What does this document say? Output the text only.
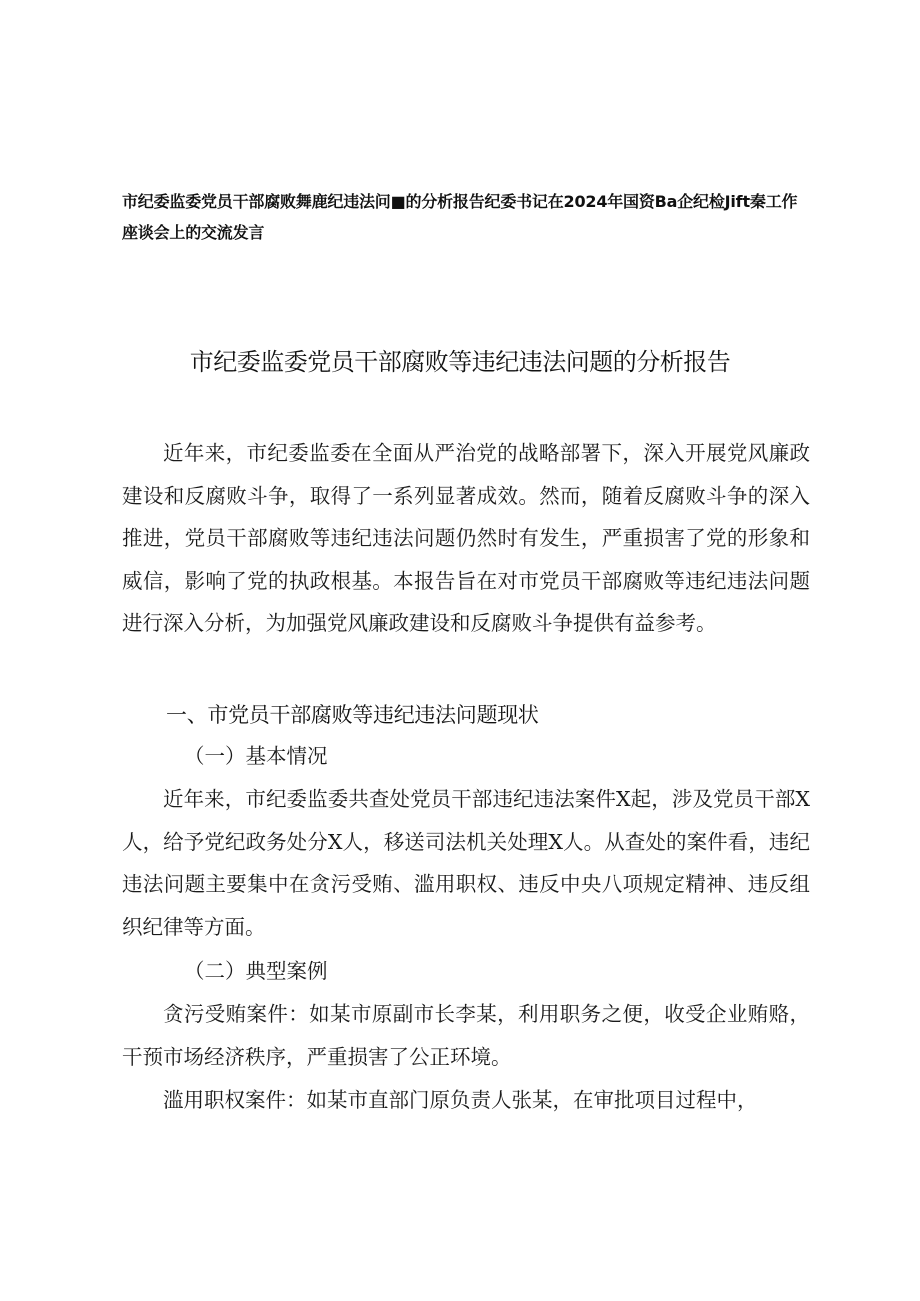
市纪委监委党员干部腐败舞鹿纪违法问■的分析报告纪委书记在2024年国资Ba企纪检Jift秦工作座谈会上的交流发言
市纪委监委党员干部腐败等违纪违法问题的分析报告

近年来，市纪委监委在全面从严治党的战略部署下，深入开展党风廉政建设和反腐败斗争，取得了一系列显著成效。然而，随着反腐败斗争的深入推进，党员干部腐败等违纪违法问题仍然时有发生，严重损害了党的形象和威信，影响了党的执政根基。本报告旨在对市党员干部腐败等违纪违法问题进行深入分析，为加强党风廉政建设和反腐败斗争提供有益参考。

一、市党员干部腐败等违纪违法问题现状
（一）基本情况

近年来，市纪委监委共查处党员干部违纪违法案件X起，涉及党员干部X人，给予党纪政务处分X人，移送司法机关处理X人。从查处的案件看，违纪违法问题主要集中在贪污受贿、滥用职权、违反中央八项规定精神、违反组织纪律等方面。

（二）典型案例

贪污受贿案件：如某市原副市长李某，利用职务之便，收受企业贿赂，干预市场经济秩序，严重损害了公正环境。

滥用职权案件：如某市直部门原负责人张某，在审批项目过程中，
